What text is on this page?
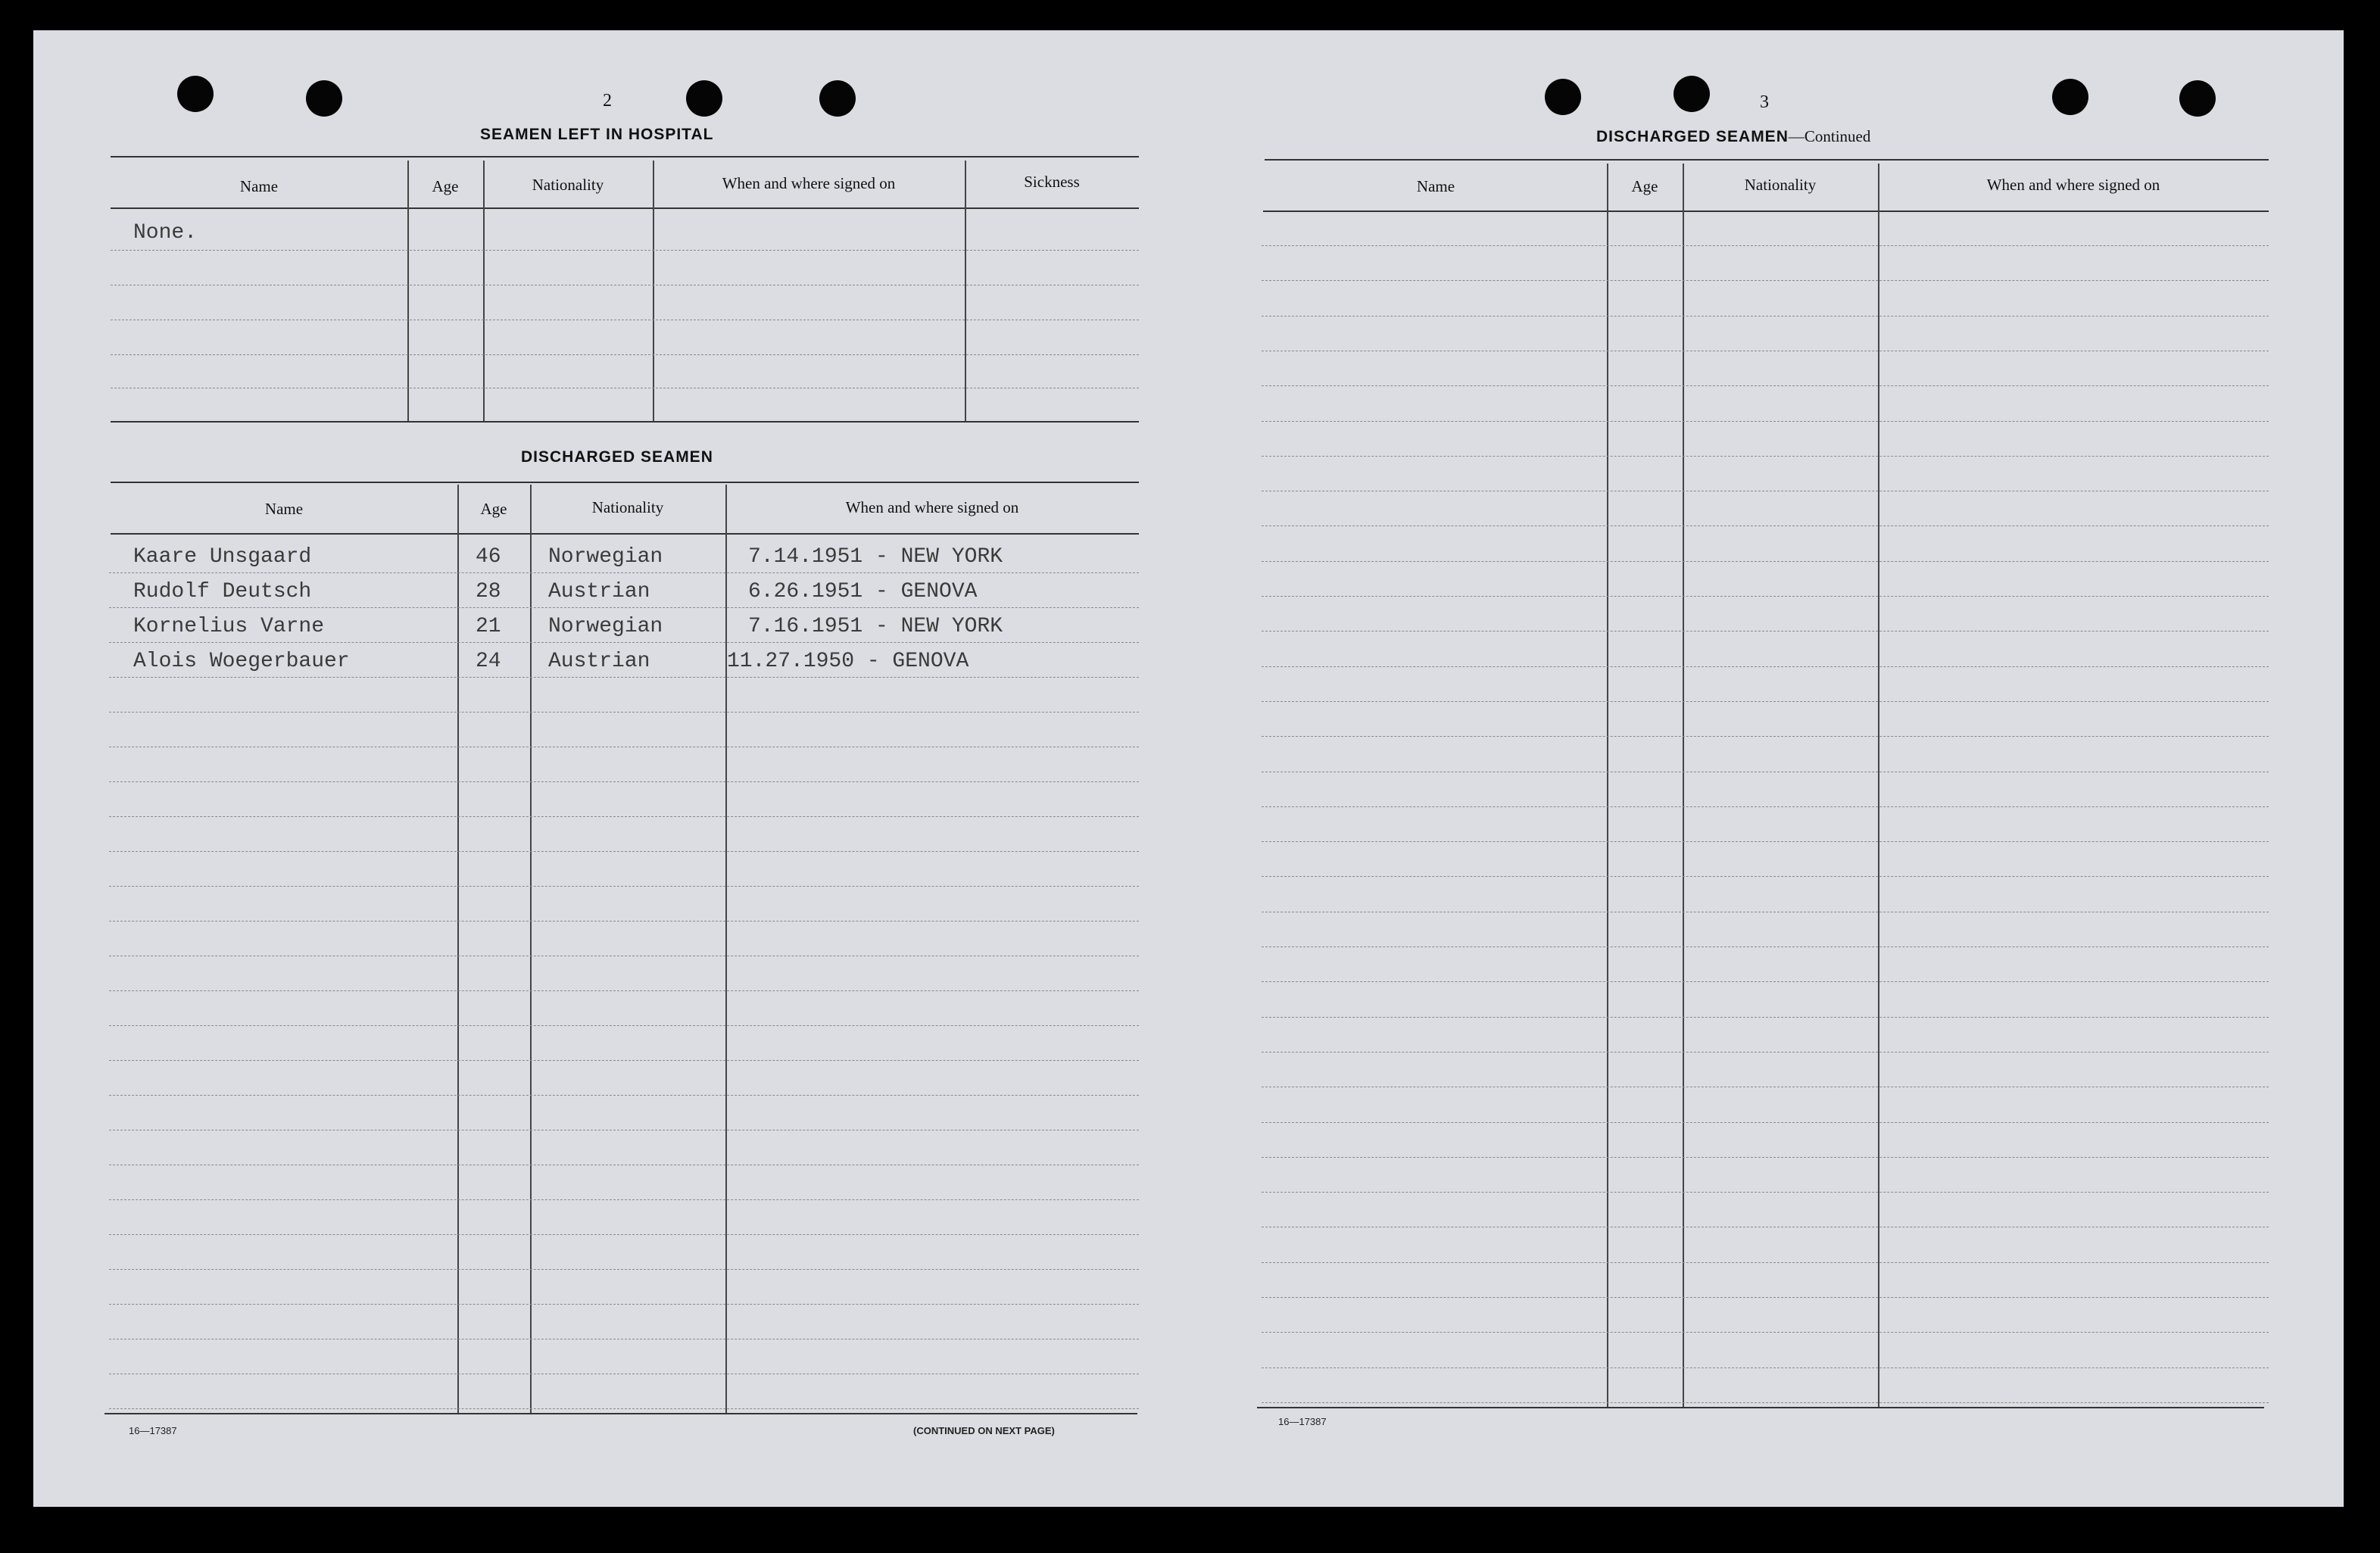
2
SEAMEN LEFT IN HOSPITAL
Name	Age	Nationality	When and where signed on	Sickness
None.
DISCHARGED SEAMEN
Name	Age	Nationality	When and where signed on
Kaare Unsgaard	46 Norwegian	7.14.1951 - NEW YORK
Rudolf Deutsch	28 Austrian	6.26.1951 - GENOVA
Kornelius Varne	21 Norwegian	7.16.1951 - NEW YORK
Alois Woegerbauer	24 Austrian	11.27.1950 - GENOVA
16—17387	(CONTINUED ON NEXT PAGE)
3
DISCHARGED SEAMEN—Continued
Name	Age	Nationality	When and where signed on
16—17387
